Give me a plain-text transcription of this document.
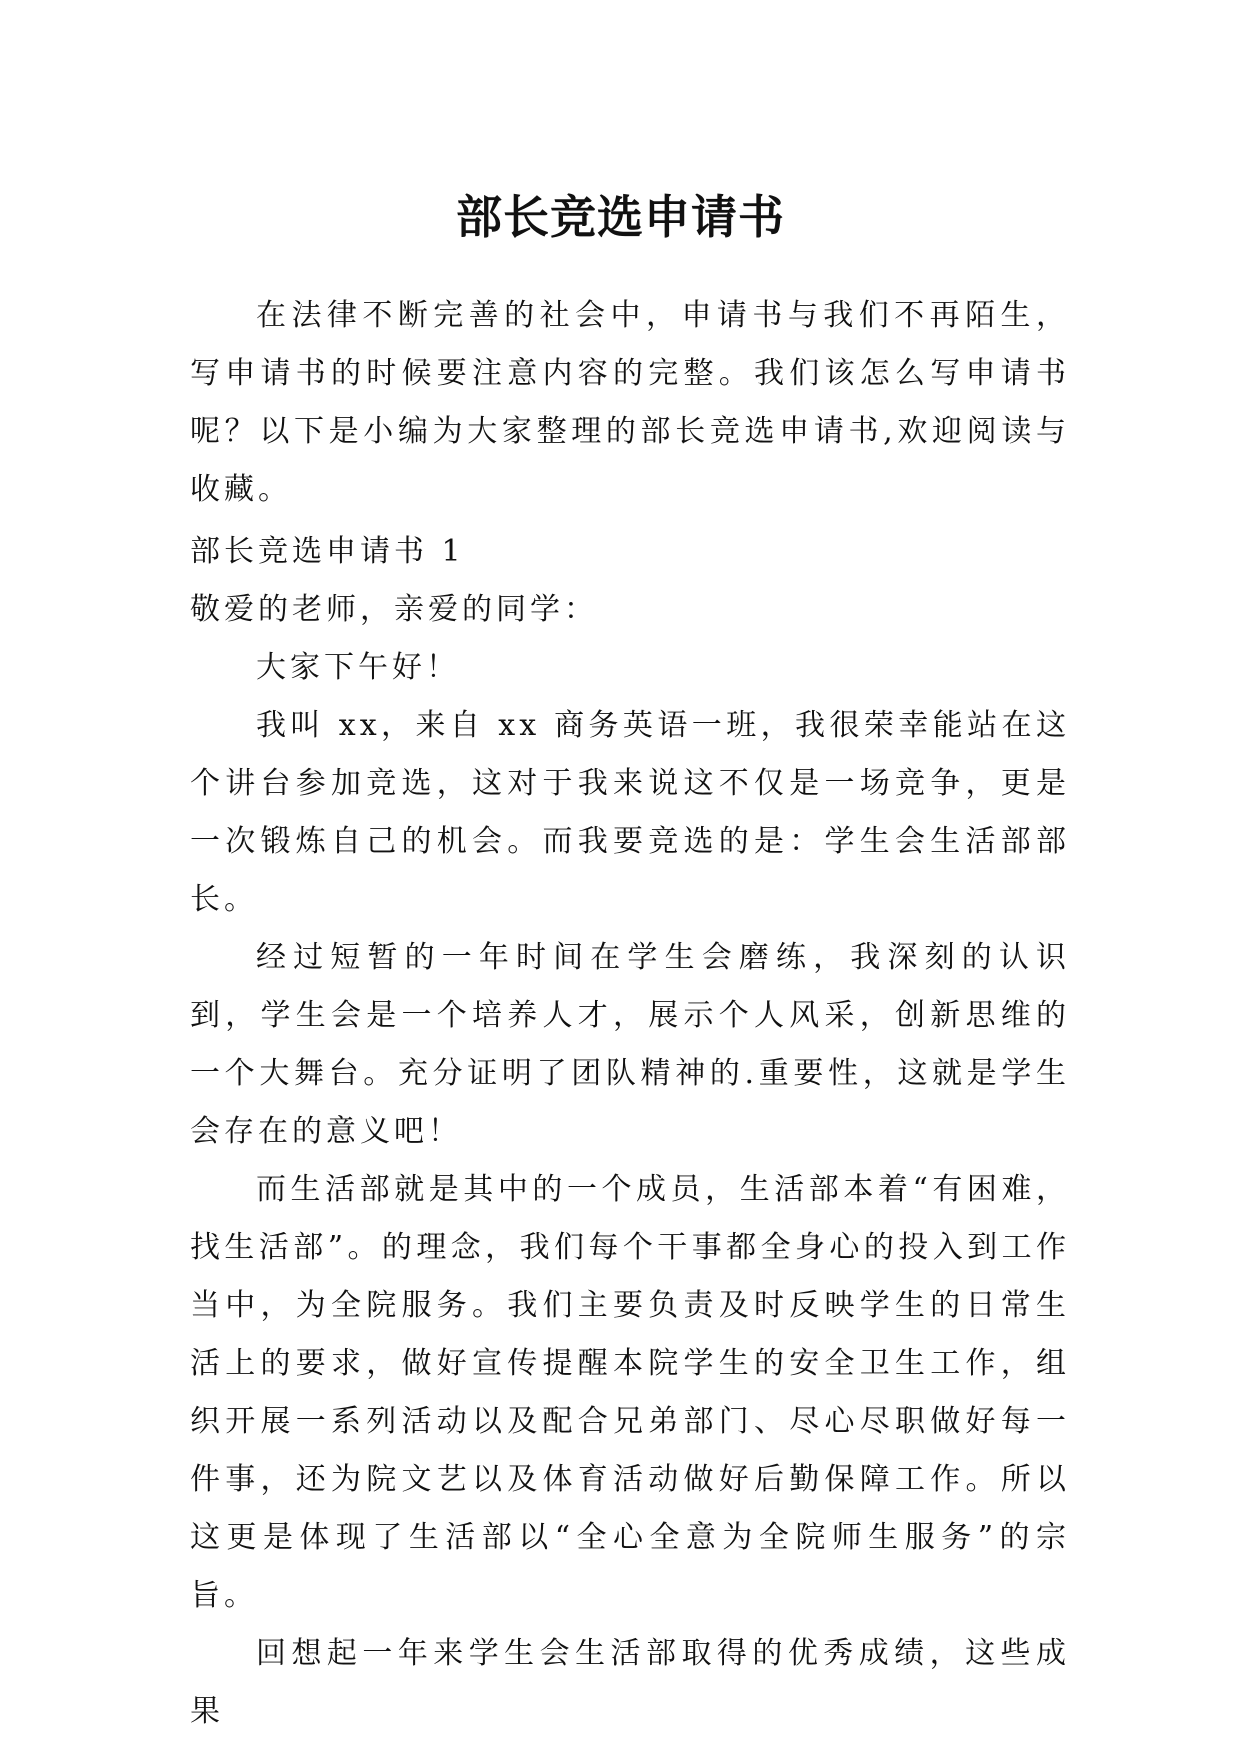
部长竞选申请书

在法律不断完善的社会中，申请书与我们不再陌生，写申请书的时候要注意内容的完整。我们该怎么写申请书呢？以下是小编为大家整理的部长竞选申请书,欢迎阅读与收藏。

部长竞选申请书 1

敬爱的老师，亲爱的同学：

大家下午好！

我叫 xx，来自 xx 商务英语一班，我很荣幸能站在这个讲台参加竞选，这对于我来说这不仅是一场竞争，更是一次锻炼自己的机会。而我要竞选的是：学生会生活部部长。

经过短暂的一年时间在学生会磨练，我深刻的认识到，学生会是一个培养人才，展示个人风采，创新思维的一个大舞台。充分证明了团队精神的.重要性，这就是学生会存在的意义吧！

而生活部就是其中的一个成员，生活部本着“有困难，找生活部”。的理念，我们每个干事都全身心的投入到工作当中，为全院服务。我们主要负责及时反映学生的日常生活上的要求，做好宣传提醒本院学生的安全卫生工作，组织开展一系列活动以及配合兄弟部门、尽心尽职做好每一件事，还为院文艺以及体育活动做好后勤保障工作。所以这更是体现了生活部以“全心全意为全院师生服务”的宗旨。

回想起一年来学生会生活部取得的优秀成绩，这些成果
